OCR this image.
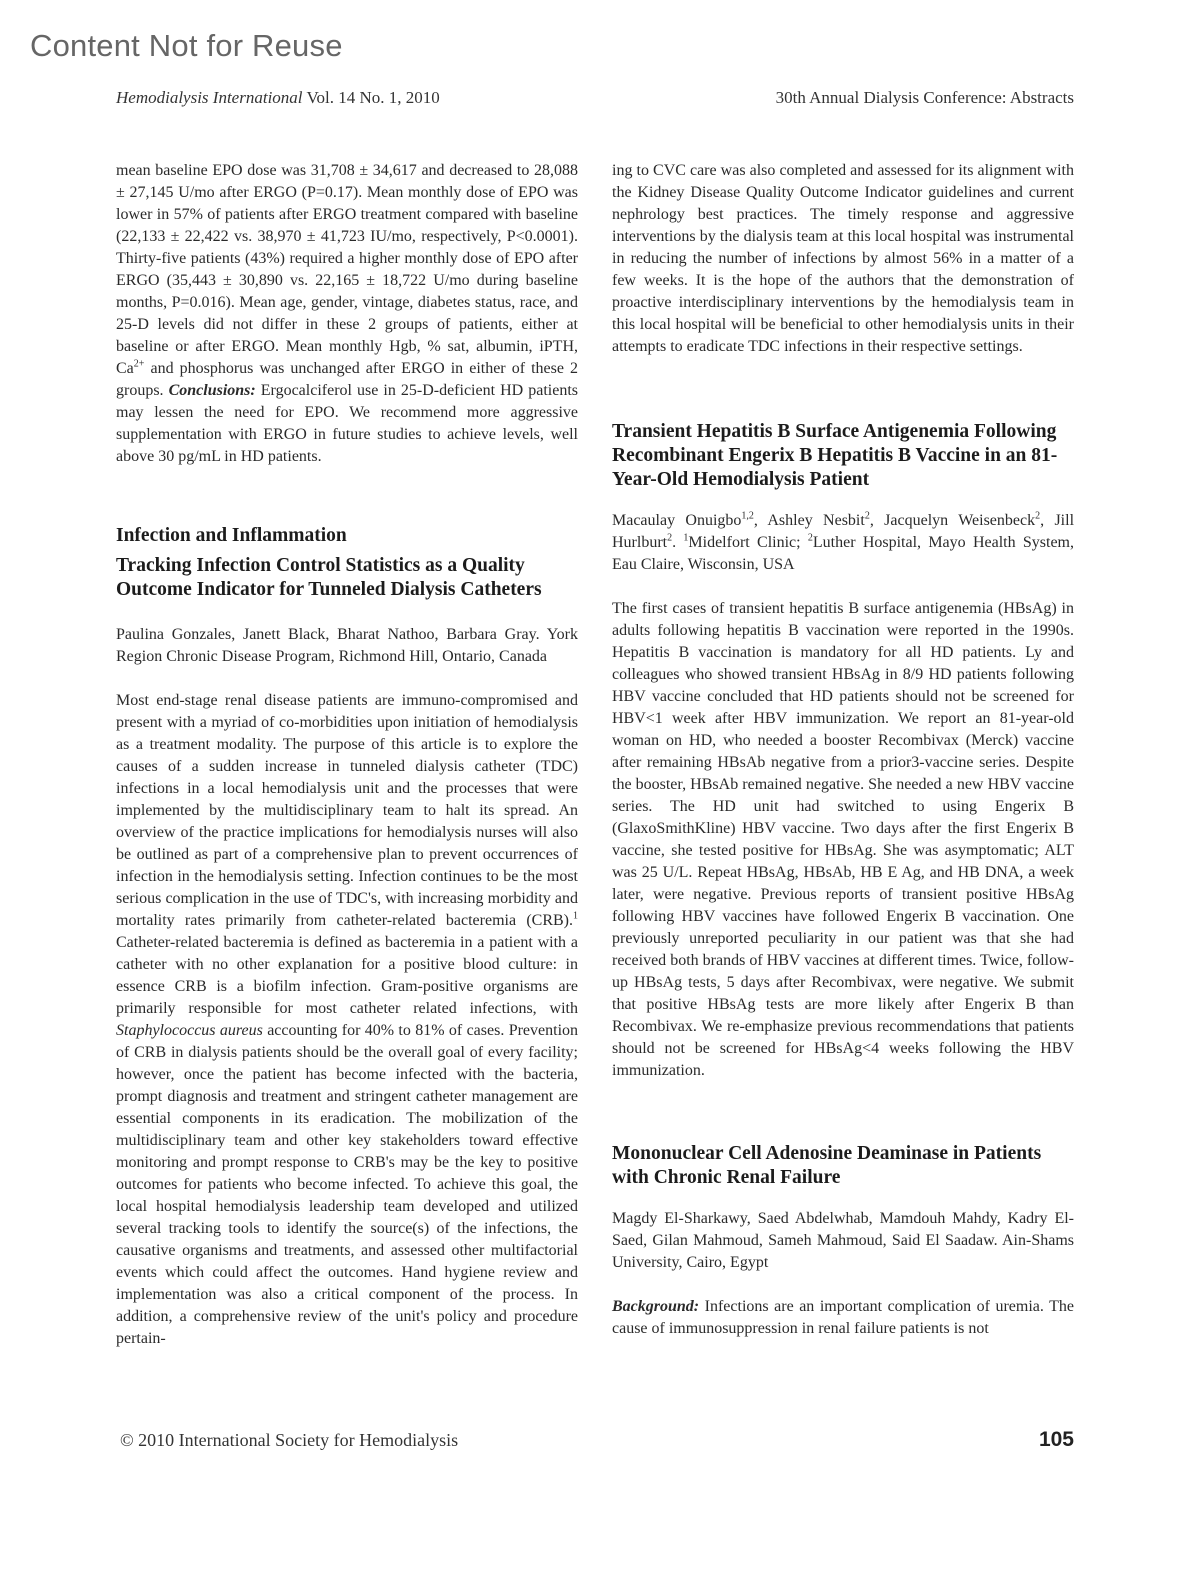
Content Not for Reuse
Hemodialysis International Vol. 14 No. 1, 2010	30th Annual Dialysis Conference: Abstracts

mean baseline EPO dose was 31,708 ± 34,617 and decreased to 28,088 ± 27,145 U/mo after ERGO (P=0.17). Mean monthly dose of EPO was lower in 57% of patients after ERGO treatment compared with baseline (22,133 ± 22,422 vs. 38,970 ± 41,723 IU/mo, respectively, P<0.0001). Thirty-five patients (43%) required a higher monthly dose of EPO after ERGO (35,443 ± 30,890 vs. 22,165 ± 18,722 U/mo during baseline months, P=0.016). Mean age, gender, vintage, diabetes status, race, and 25-D levels did not differ in these 2 groups of patients, either at baseline or after ERGO. Mean monthly Hgb, % sat, albumin, iPTH, $Ca^{2+}$ and phosphorus was unchanged after ERGO in either of these 2 groups. Conclusions: Ergocalciferol use in 25-D-deficient HD patients may lessen the need for EPO. We recommend more aggressive supplementation with ERGO in future studies to achieve levels, well above 30 pg/mL in HD patients.

Infection and Inflammation
Tracking Infection Control Statistics as a Quality Outcome Indicator for Tunneled Dialysis Catheters

Paulina Gonzales, Janett Black, Bharat Nathoo, Barbara Gray. York Region Chronic Disease Program, Richmond Hill, Ontario, Canada

Most end-stage renal disease patients are immuno-compromised and present with a myriad of co-morbidities upon initiation of hemodialysis as a treatment modality. The purpose of this article is to explore the causes of a sudden increase in tunneled dialysis catheter (TDC) infections in a local hemodialysis unit and the processes that were implemented by the multidisciplinary team to halt its spread. An overview of the practice implications for hemodialysis nurses will also be outlined as part of a comprehensive plan to prevent occurrences of infection in the hemodialysis setting. Infection continues to be the most serious complication in the use of TDC's, with increasing morbidity and mortality rates primarily from catheter-related bacteremia (CRB).$^1$ Catheter-related bacteremia is defined as bacteremia in a patient with a catheter with no other explanation for a positive blood culture: in essence CRB is a biofilm infection. Gram-positive organisms are primarily responsible for most catheter related infections, with Staphylococcus aureus accounting for 40% to 81% of cases. Prevention of CRB in dialysis patients should be the overall goal of every facility; however, once the patient has become infected with the bacteria, prompt diagnosis and treatment and stringent catheter management are essential components in its eradication. The mobilization of the multidisciplinary team and other key stakeholders toward effective monitoring and prompt response to CRB's may be the key to positive outcomes for patients who become infected. To achieve this goal, the local hospital hemodialysis leadership team developed and utilized several tracking tools to identify the source(s) of the infections, the causative organisms and treatments, and assessed other multifactorial events which could affect the outcomes. Hand hygiene review and implementation was also a critical component of the process. In addition, a comprehensive review of the unit's policy and procedure pertain-

ing to CVC care was also completed and assessed for its alignment with the Kidney Disease Quality Outcome Indicator guidelines and current nephrology best practices. The timely response and aggressive interventions by the dialysis team at this local hospital was instrumental in reducing the number of infections by almost 56% in a matter of a few weeks. It is the hope of the authors that the demonstration of proactive interdisciplinary interventions by the hemodialysis team in this local hospital will be beneficial to other hemodialysis units in their attempts to eradicate TDC infections in their respective settings.

Transient Hepatitis B Surface Antigenemia Following Recombinant Engerix B Hepatitis B Vaccine in an 81-Year-Old Hemodialysis Patient

Macaulay Onuigbo$^{1,2}$, Ashley Nesbit$^2$, Jacquelyn Weisenbeck$^2$, Jill Hurlburt$^2$. $^1$Midelfort Clinic; $^2$Luther Hospital, Mayo Health System, Eau Claire, Wisconsin, USA

The first cases of transient hepatitis B surface antigenemia (HBsAg) in adults following hepatitis B vaccination were reported in the 1990s. Hepatitis B vaccination is mandatory for all HD patients. Ly and colleagues who showed transient HBsAg in 8/9 HD patients following HBV vaccine concluded that HD patients should not be screened for HBV<1 week after HBV immunization. We report an 81-year-old woman on HD, who needed a booster Recombivax (Merck) vaccine after remaining HBsAb negative from a prior3-vaccine series. Despite the booster, HBsAb remained negative. She needed a new HBV vaccine series. The HD unit had switched to using Engerix B (GlaxoSmithKline) HBV vaccine. Two days after the first Engerix B vaccine, she tested positive for HBsAg. She was asymptomatic; ALT was 25 U/L. Repeat HBsAg, HBsAb, HB E Ag, and HB DNA, a week later, were negative. Previous reports of transient positive HBsAg following HBV vaccines have followed Engerix B vaccination. One previously unreported peculiarity in our patient was that she had received both brands of HBV vaccines at different times. Twice, follow-up HBsAg tests, 5 days after Recombivax, were negative. We submit that positive HBsAg tests are more likely after Engerix B than Recombivax. We re-emphasize previous recommendations that patients should not be screened for HBsAg<4 weeks following the HBV immunization.

Mononuclear Cell Adenosine Deaminase in Patients with Chronic Renal Failure

Magdy El-Sharkawy, Saed Abdelwhab, Mamdouh Mahdy, Kadry El-Saed, Gilan Mahmoud, Sameh Mahmoud, Said El Saadaw. Ain-Shams University, Cairo, Egypt

Background: Infections are an important complication of uremia. The cause of immunosuppression in renal failure patients is not

© 2010 International Society for Hemodialysis	105
